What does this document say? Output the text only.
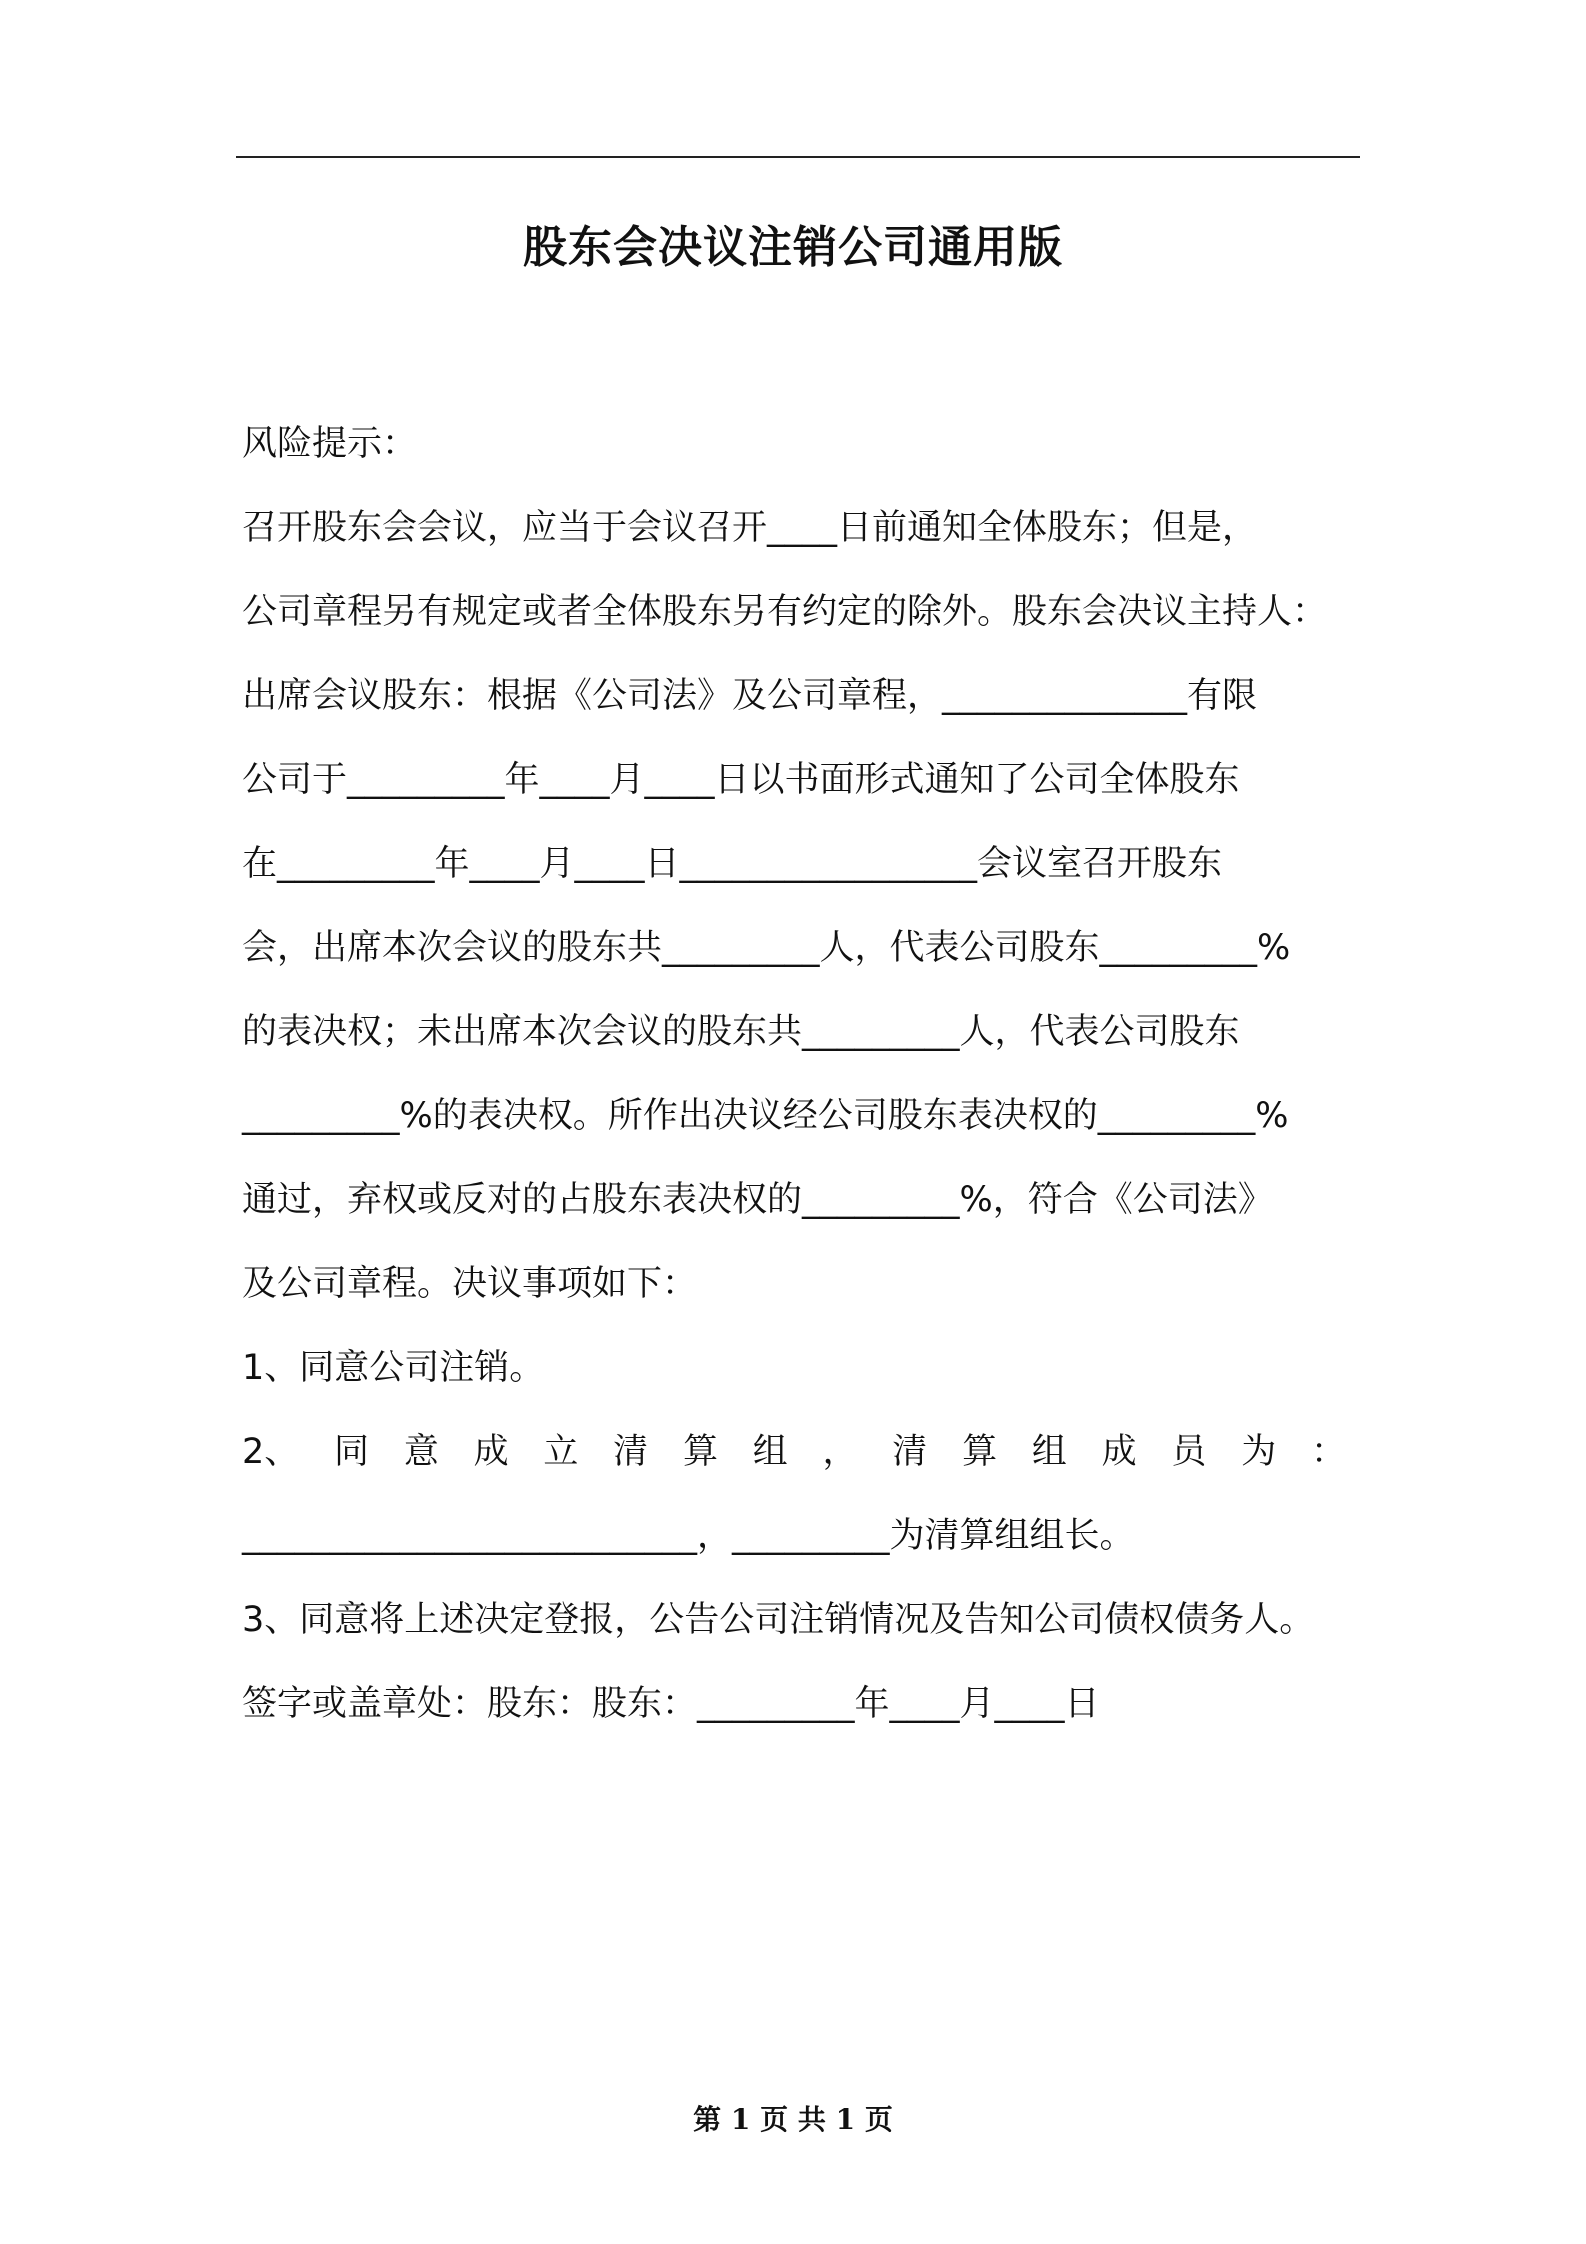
股东会决议注销公司通用版
风险提示：
召开股东会会议，应当于会议召开____日前通知全体股东；但是，
公司章程另有规定或者全体股东另有约定的除外。股东会决议主持人：
出席会议股东：根据《公司法》及公司章程，______________有限
公司于_________年____月____日以书面形式通知了公司全体股东
在_________年____月____日_________________会议室召开股东
会，出席本次会议的股东共_________人，代表公司股东_________%
的表决权；未出席本次会议的股东共_________人，代表公司股东
_________%的表决权。所作出决议经公司股东表决权的_________%
通过，弃权或反对的占股东表决权的_________%，符合《公司法》
及公司章程。决议事项如下：
1、同意公司注销。
2、 同 意 成 立 清 算 组 ， 清 算 组 成 员 为 ：
__________________________，_________为清算组组长。
3、同意将上述决定登报，公告公司注销情况及告知公司债权债务人。
签字或盖章处：股东：股东：_________年____月____日
第 1 页 共 1 页
